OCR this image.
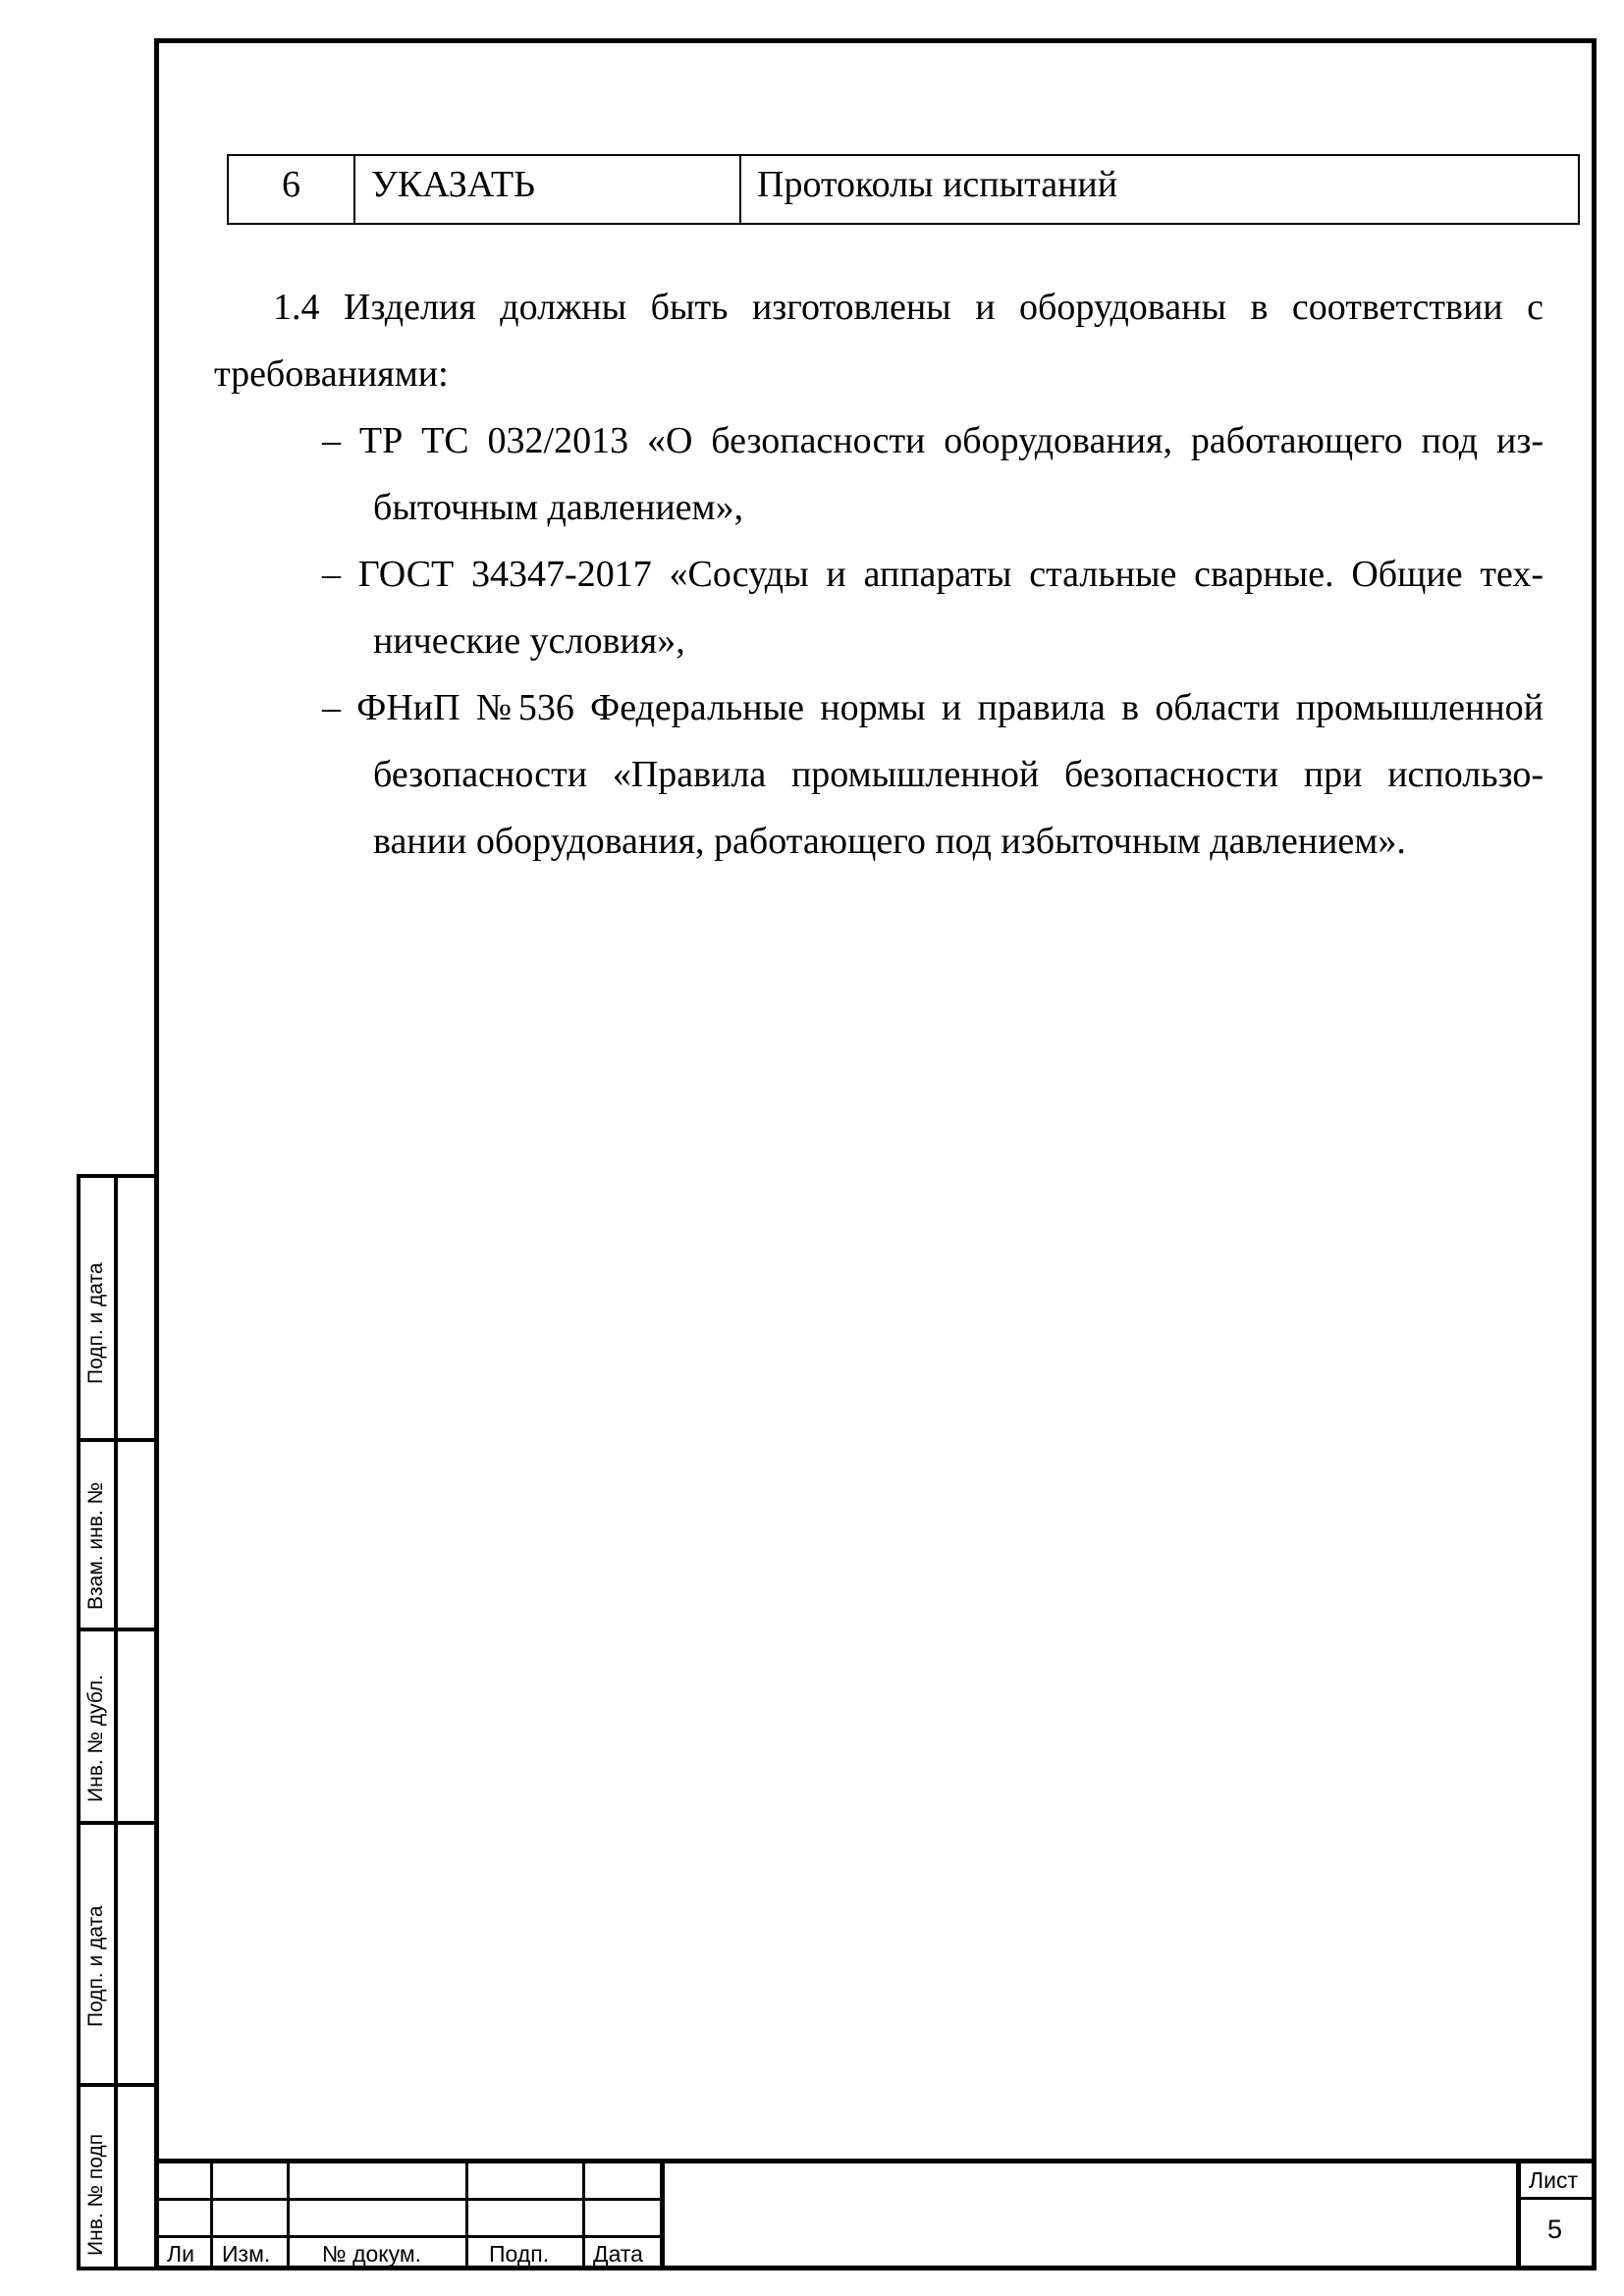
6	УКАЗАТЬ	Протоколы испытаний
1.4 Изделия должны быть изготовлены и оборудованы в соответствии с
требованиями:
– ТР ТС 032/2013 «О безопасности оборудования, работающего под из-
быточным давлением»,
– ГОСТ 34347-2017 «Сосуды и аппараты стальные сварные. Общие тех-
нические условия»,
– ФНиП №536 Федеральные нормы и правила в области промышленной
безопасности «Правила промышленной безопасности при использо-
вании оборудования, работающего под избыточным давлением».
Подп. и дата
Взам. инв. №
Инв. № дубл.
Подп. и дата
Инв. № подп	Ли Изм. № докум.	Подп. Дата
Лист
5
